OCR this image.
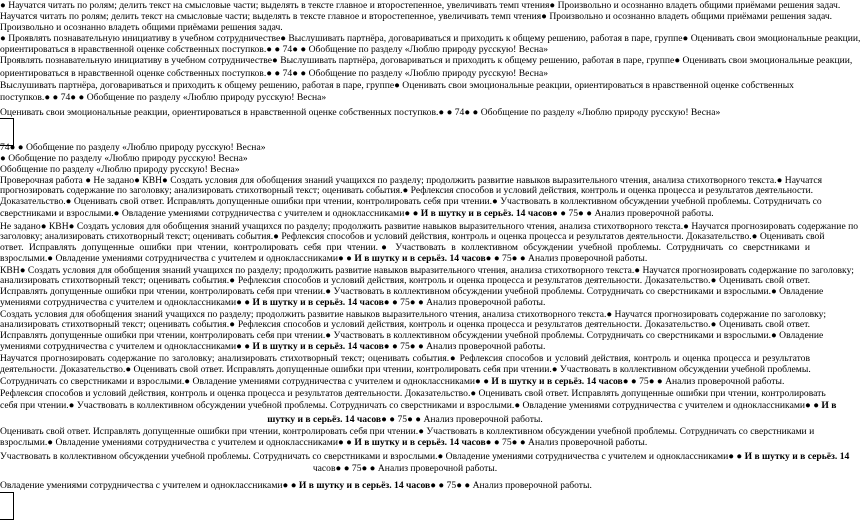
● Научатся читать по ролям; делить текст на смысловые части; выделять в тексте главное и второстепенное, увеличивать темп чтения● Произвольно и осознанно владеть общими приёмами решения задач.
Научатся читать по ролям; делить текст на смысловые части; выделять в тексте главное и второстепенное, увеличивать темп чтения● Произвольно и осознанно владеть общими приёмами решения задач.
Произвольно и осознанно владеть общими приёмами решения задач.
● Проявлять познавательную инициативу в учебном сотрудничестве● Выслушивать партнёра, договариваться и приходить к общему решению, работая в паре, группе● Оценивать свои эмоциональные реакции,
ориентироваться в нравственной оценке собственных поступков.● ● 74● ● Обобщение по разделу «Люблю природу русскую! Весна»
Проявлять познавательную инициативу в учебном сотрудничестве● Выслушивать партнёра, договариваться и приходить к общему решению, работая в паре, группе● Оценивать свои эмоциональные реакции,
ориентироваться в нравственной оценке собственных поступков.● ● 74● ● Обобщение по разделу «Люблю природу русскую! Весна»
Выслушивать партнёра, договариваться и приходить к общему решению, работая в паре, группе● Оценивать свои эмоциональные реакции, ориентироваться в нравственной оценке собственных
поступков.● ● 74● ● Обобщение по разделу «Люблю природу русскую! Весна»
Оценивать свои эмоциональные реакции, ориентироваться в нравственной оценке собственных поступков.● ● 74● ● Обобщение по разделу «Люблю природу русскую! Весна»
74● ● Обобщение по разделу «Люблю природу русскую! Весна»
● Обобщение по разделу «Люблю природу русскую! Весна»
Обобщение по разделу «Люблю природу русскую! Весна»
Проверочная работа ● Не задано● КВН● Создать условия для обобщения знаний учащихся по разделу; продолжить развитие навыков выразительного чтения, анализа стихотворного текста.● Научатся
прогнозировать содержание по заголовку; анализировать стихотворный текст; оценивать события.● Рефлексия способов и условий действия, контроль и оценка процесса и результатов деятельности.
Доказательство.● Оценивать свой ответ. Исправлять допущенные ошибки при чтении, контролировать себя при чтении.● Участвовать в коллективном обсуждении учебной проблемы. Сотрудничать со
сверстниками и взрослыми.● Овладение умениями сотрудничества с учителем и одноклассниками● ● И в шутку и в серьёз. 14 часов● ● 75● ● Анализ проверочной работы.
Не задано● КВН● Создать условия для обобщения знаний учащихся по разделу; продолжить развитие навыков выразительного чтения, анализа стихотворного текста.● Научатся прогнозировать содержание по
заголовку; анализировать стихотворный текст; оценивать события.● Рефлексия способов и условий действия, контроль и оценка процесса и результатов деятельности. Доказательство.● Оценивать свой
ответ. Исправлять допущенные ошибки при чтении, контролировать себя при чтении.● Участвовать в коллективном обсуждении учебной проблемы. Сотрудничать со сверстниками и
взрослыми.● Овладение умениями сотрудничества с учителем и одноклассниками● ● И в шутку и в серьёз. 14 часов● ● 75● ● Анализ проверочной работы.
КВН● Создать условия для обобщения знаний учащихся по разделу; продолжить развитие навыков выразительного чтения, анализа стихотворного текста.● Научатся прогнозировать содержание по заголовку;
анализировать стихотворный текст; оценивать события.● Рефлексия способов и условий действия, контроль и оценка процесса и результатов деятельности. Доказательство.● Оценивать свой ответ.
Исправлять допущенные ошибки при чтении, контролировать себя при чтении.● Участвовать в коллективном обсуждении учебной проблемы. Сотрудничать со сверстниками и взрослыми.● Овладение
умениями сотрудничества с учителем и одноклассниками● ● И в шутку и в серьёз. 14 часов● ● 75● ● Анализ проверочной работы.
Создать условия для обобщения знаний учащихся по разделу; продолжить развитие навыков выразительного чтения, анализа стихотворного текста.● Научатся прогнозировать содержание по заголовку;
анализировать стихотворный текст; оценивать события.● Рефлексия способов и условий действия, контроль и оценка процесса и результатов деятельности. Доказательство.● Оценивать свой ответ.
Исправлять допущенные ошибки при чтении, контролировать себя при чтении.● Участвовать в коллективном обсуждении учебной проблемы. Сотрудничать со сверстниками и взрослыми.● Овладение
умениями сотрудничества с учителем и одноклассниками● ● И в шутку и в серьёз. 14 часов● ● 75● ● Анализ проверочной работы.
Научатся прогнозировать содержание по заголовку; анализировать стихотворный текст; оценивать события.● Рефлексия способов и условий действия, контроль и оценка процесса и результатов
деятельности. Доказательство.● Оценивать свой ответ. Исправлять допущенные ошибки при чтении, контролировать себя при чтении.● Участвовать в коллективном обсуждении учебной проблемы.
Сотрудничать со сверстниками и взрослыми.● Овладение умениями сотрудничества с учителем и одноклассниками● ● И в шутку и в серьёз. 14 часов● ● 75● ● Анализ проверочной работы.
Рефлексия способов и условий действия, контроль и оценка процесса и результатов деятельности. Доказательство.● Оценивать свой ответ. Исправлять допущенные ошибки при чтении, контролировать
себя при чтении.● Участвовать в коллективном обсуждении учебной проблемы. Сотрудничать со сверстниками и взрослыми.● Овладение умениями сотрудничества с учителем и одноклассниками● ● И в
шутку и в серьёз. 14 часов● ● 75● ● Анализ проверочной работы.
Оценивать свой ответ. Исправлять допущенные ошибки при чтении, контролировать себя при чтении.● Участвовать в коллективном обсуждении учебной проблемы. Сотрудничать со сверстниками и
взрослыми.● Овладение умениями сотрудничества с учителем и одноклассниками● ● И в шутку и в серьёз. 14 часов● ● 75● ● Анализ проверочной работы.
Участвовать в коллективном обсуждении учебной проблемы. Сотрудничать со сверстниками и взрослыми.● Овладение умениями сотрудничества с учителем и одноклассниками● ● И в шутку и в серьёз. 14
часов● ● 75● ● Анализ проверочной работы.
Овладение умениями сотрудничества с учителем и одноклассниками● ● И в шутку и в серьёз. 14 часов● ● 75● ● Анализ проверочной работы.
